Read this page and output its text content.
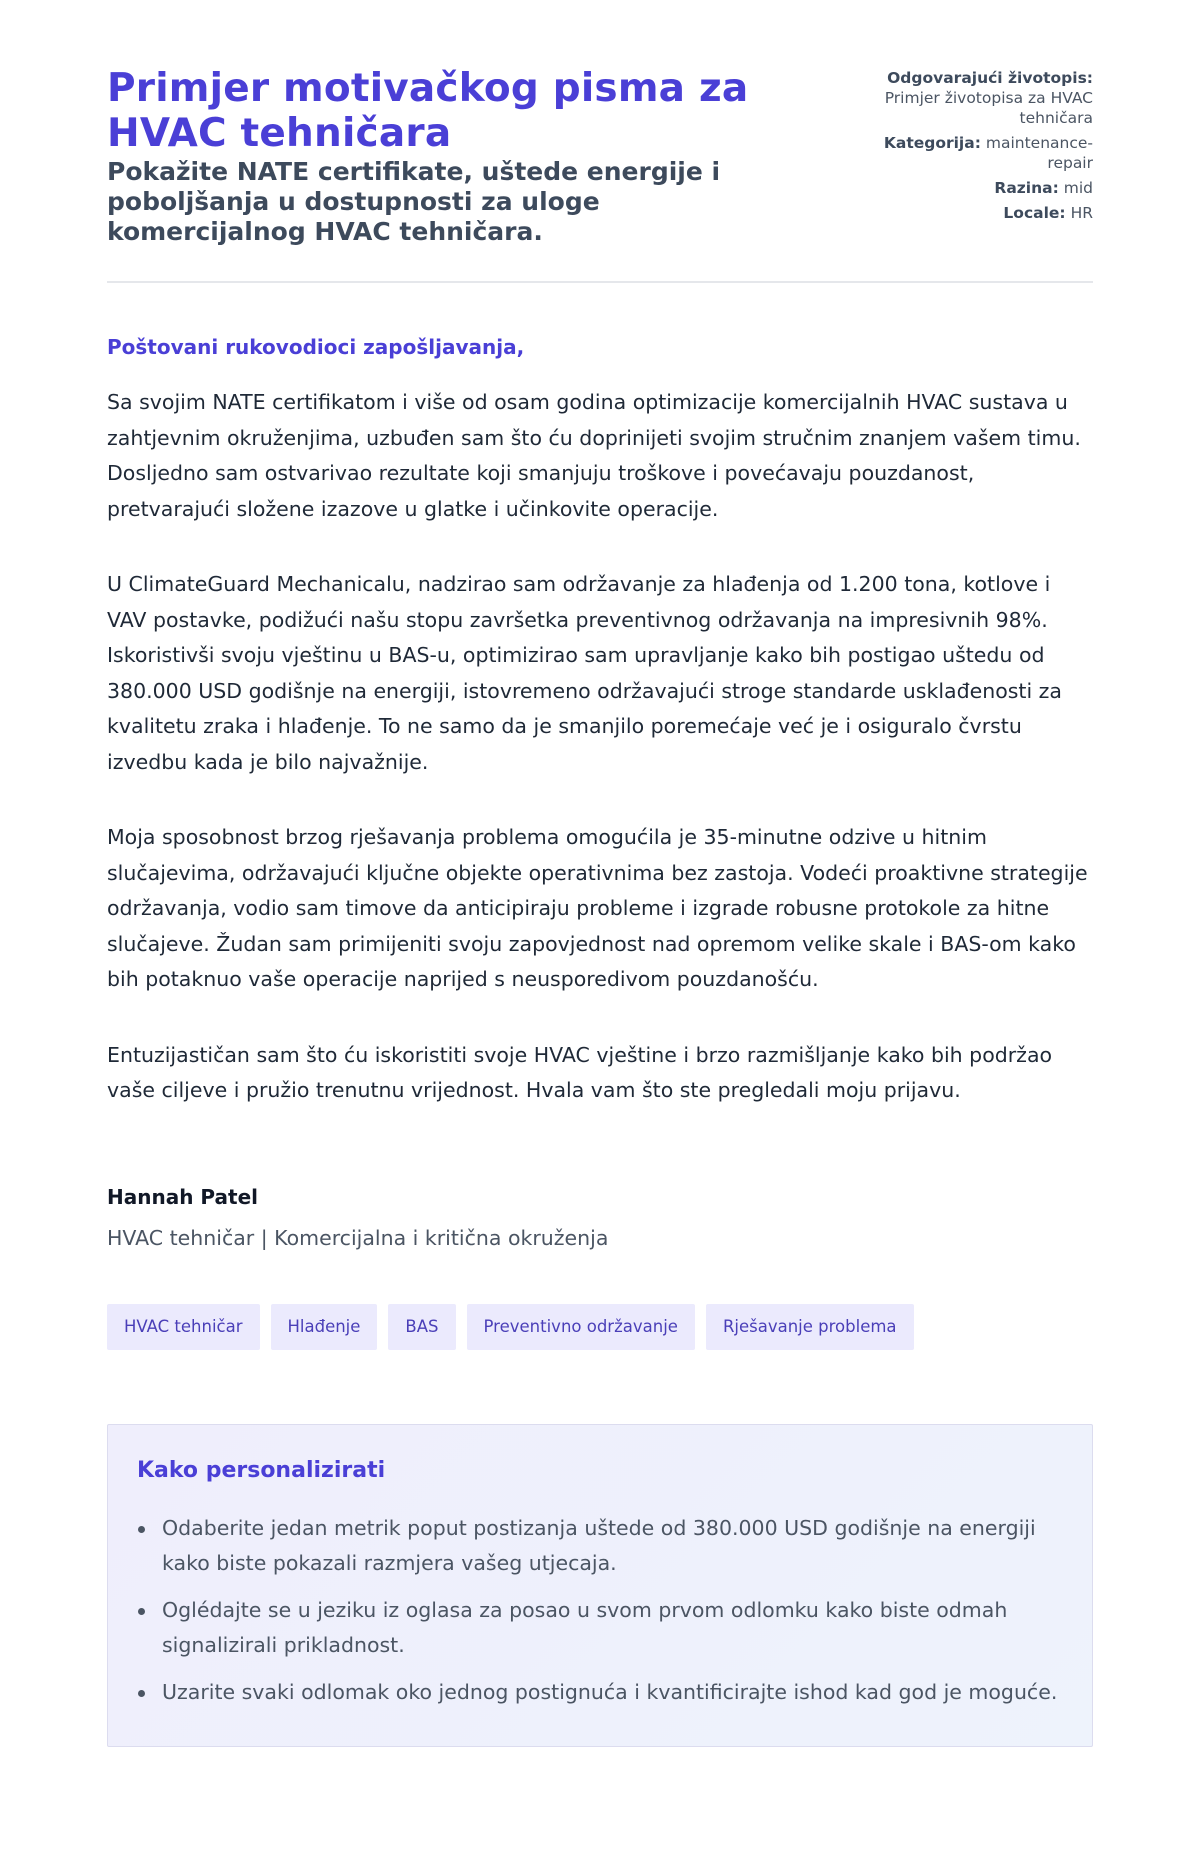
Primjer motivačkog pisma za HVAC tehničara
Pokažite NATE certifikate, uštede energije i poboljšanja u dostupnosti za uloge komercijalnog HVAC tehničara.
Odgovarajući životopis:
Primjer životopisa za HVAC tehničara
Kategorija: maintenance-repair
Razina: mid
Locale: HR
Poštovani rukovodioci zapošljavanja,

Sa svojim NATE certifikatom i više od osam godina optimizacije komercijalnih HVAC sustava u zahtjevnim okruženjima, uzbuđen sam što ću doprinijeti svojim stručnim znanjem vašem timu. Dosljedno sam ostvarivao rezultate koji smanjuju troškove i povećavaju pouzdanost, pretvarajući složene izazove u glatke i učinkovite operacije.

U ClimateGuard Mechanicalu, nadzirao sam održavanje za hlađenja od 1.200 tona, kotlove i VAV postavke, podižući našu stopu završetka preventivnog održavanja na impresivnih 98%. Iskoristivši svoju vještinu u BAS-u, optimizirao sam upravljanje kako bih postigao uštedu od 380.000 USD godišnje na energiji, istovremeno održavajući stroge standarde usklađenosti za kvalitetu zraka i hlađenje. To ne samo da je smanjilo poremećaje već je i osiguralo čvrstu izvedbu kada je bilo najvažnije.

Moja sposobnost brzog rješavanja problema omogućila je 35-minutne odzive u hitnim slučajevima, održavajući ključne objekte operativnima bez zastoja. Vodeći proaktivne strategije održavanja, vodio sam timove da anticipiraju probleme i izgrade robusne protokole za hitne slučajeve. Žudan sam primijeniti svoju zapovjednost nad opremom velike skale i BAS-om kako bih potaknuo vaše operacije naprijed s neusporedivom pouzdanošću.

Entuzijastičan sam što ću iskoristiti svoje HVAC vještine i brzo razmišljanje kako bih podržao vaše ciljeve i pružio trenutnu vrijednost. Hvala vam što ste pregledali moju prijavu.

Hannah Patel
HVAC tehničar | Komercijalna i kritična okruženja
HVAC tehničar	Hlađenje	BAS	Preventivno održavanje	Rješavanje problema
Kako personalizirati
Odaberite jedan metrik poput postizanja uštede od 380.000 USD godišnje na energiji kako biste pokazali razmjera vašeg utjecaja.
Oglédajte se u jeziku iz oglasa za posao u svom prvom odlomku kako biste odmah signalizirali prikladnost.
Uzarite svaki odlomak oko jednog postignuća i kvantificirajte ishod kad god je moguće.
